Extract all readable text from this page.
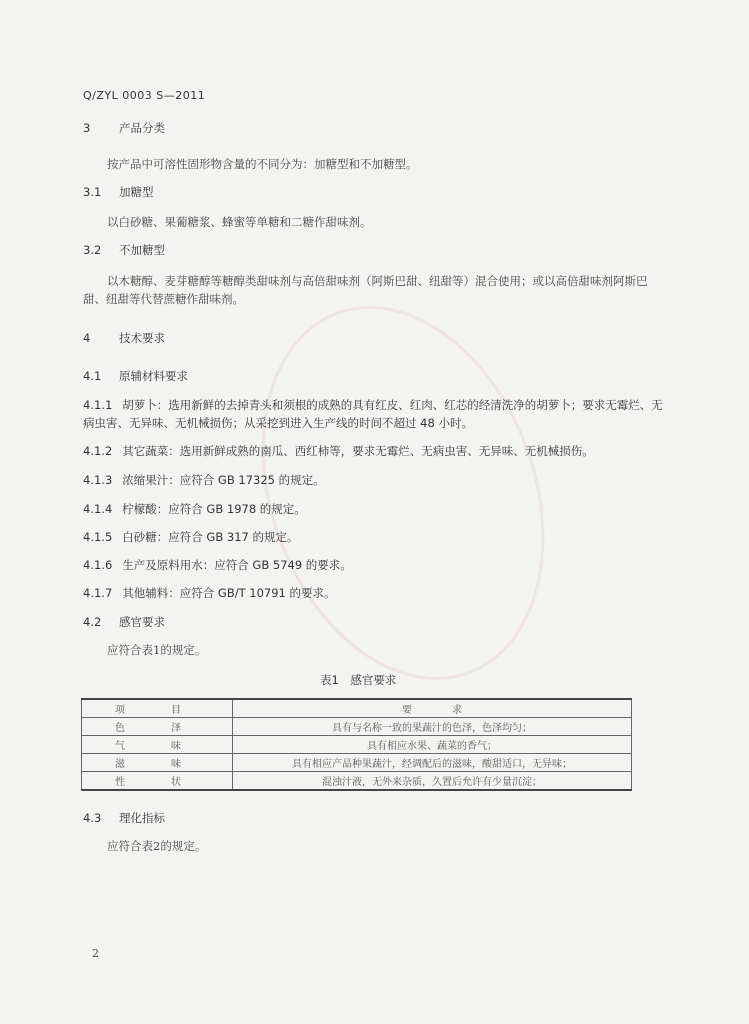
Q/ZYL 0003 S—2011
3 产品分类
按产品中可溶性固形物含量的不同分为：加糖型和不加糖型。
3.1 加糖型
以白砂糖、果葡糖浆、蜂蜜等单糖和二糖作甜味剂。
3.2 不加糖型
以木糖醇、麦芽糖醇等糖醇类甜味剂与高倍甜味剂（阿斯巴甜、纽甜等）混合使用；或以高倍甜味剂阿斯巴甜、纽甜等代替蔗糖作甜味剂。
4 技术要求
4.1 原辅材料要求
4.1.1 胡萝卜：选用新鲜的去掉青头和须根的成熟的具有红皮、红肉、红芯的经清洗净的胡萝卜；要求无霉烂、无病虫害、无异味、无机械损伤；从采挖到进入生产线的时间不超过 48 小时。
4.1.2 其它蔬菜：选用新鲜成熟的南瓜、西红柿等，要求无霉烂、无病虫害、无异味、无机械损伤。
4.1.3 浓缩果汁：应符合 GB 17325 的规定。
4.1.4 柠檬酸：应符合 GB 1978 的规定。
4.1.5 白砂糖：应符合 GB 317 的规定。
4.1.6 生产及原料用水：应符合 GB 5749 的要求。
4.1.7 其他辅料：应符合 GB/T 10791 的要求。
4.2 感官要求
应符合表1的规定。
表1　感官要求
项　目	要　　　　求
色　泽	具有与名称一致的果蔬汁的色泽，色泽均匀；
气　味	具有相应水果、蔬菜的香气；
滋　味	具有相应产品种果蔬汁，经调配后的滋味，酸甜适口，无异味；
性　状	混浊汁液，无外来杂质，久置后允许有少量沉淀；
4.3 理化指标
应符合表2的规定。
2
